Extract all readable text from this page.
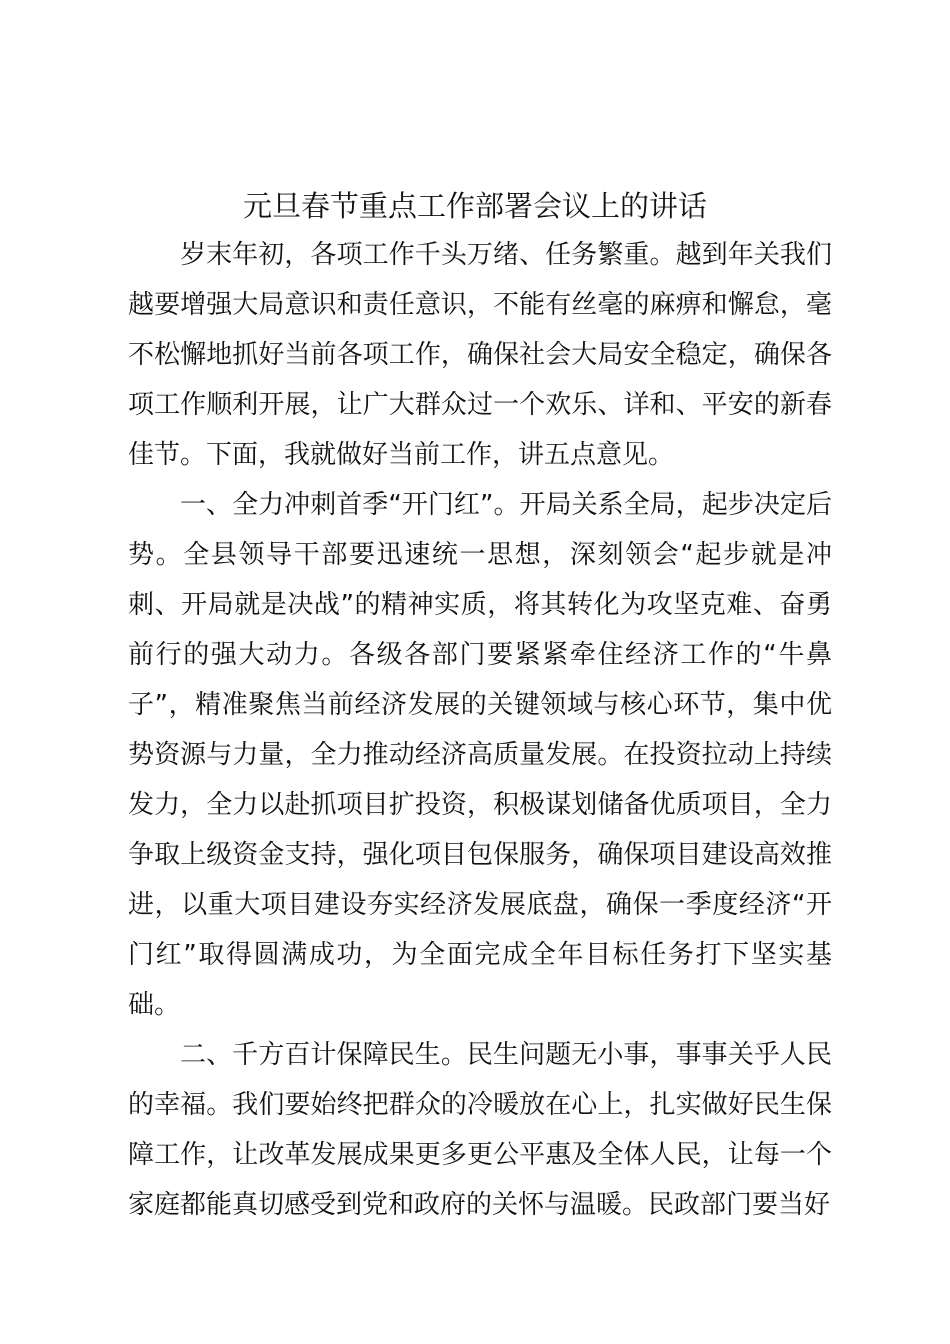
元旦春节重点工作部署会议上的讲话

岁末年初，各项工作千头万绪、任务繁重。越到年关我们越要增强大局意识和责任意识，不能有丝毫的麻痹和懈怠，毫不松懈地抓好当前各项工作，确保社会大局安全稳定，确保各项工作顺利开展，让广大群众过一个欢乐、详和、平安的新春佳节。下面，我就做好当前工作，讲五点意见。

一、全力冲刺首季“开门红”。开局关系全局，起步决定后势。全县领导干部要迅速统一思想，深刻领会“起步就是冲刺、开局就是决战”的精神实质，将其转化为攻坚克难、奋勇前行的强大动力。各级各部门要紧紧牵住经济工作的“牛鼻子”，精准聚焦当前经济发展的关键领域与核心环节，集中优势资源与力量，全力推动经济高质量发展。在投资拉动上持续发力，全力以赴抓项目扩投资，积极谋划储备优质项目，全力争取上级资金支持，强化项目包保服务，确保项目建设高效推进，以重大项目建设夯实经济发展底盘，确保一季度经济“开门红”取得圆满成功，为全面完成全年目标任务打下坚实基础。

二、千方百计保障民生。民生问题无小事，事事关乎人民的幸福。我们要始终把群众的冷暖放在心上，扎实做好民生保障工作，让改革发展成果更多更公平惠及全体人民，让每一个家庭都能真切感受到党和政府的关怀与温暖。民政部门要当好
